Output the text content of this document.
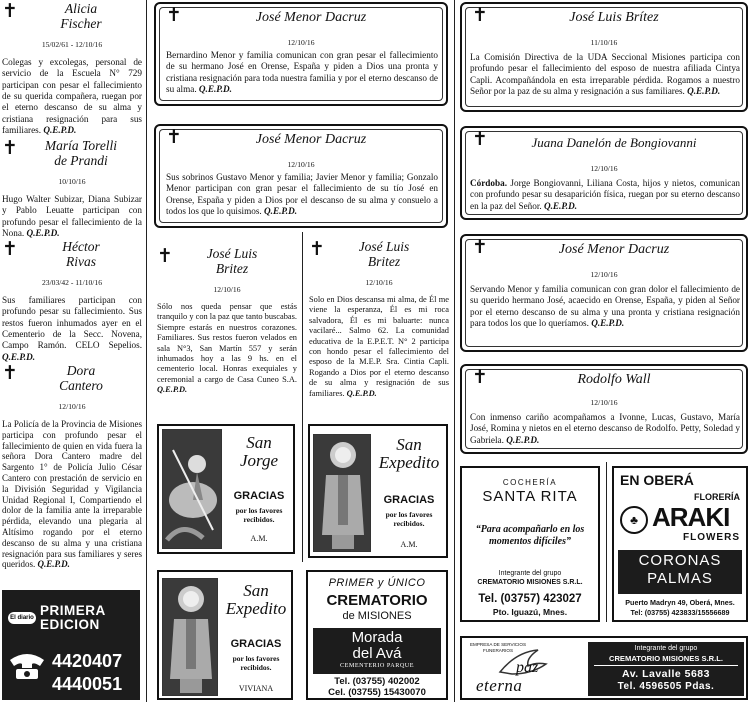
✝	Alicia
Fischer
15/02/61 - 12/10/16
Colegas y excolegas, personal de servicio de la Escuela N° 729 participan con pesar el fallecimiento de su querida compañera, ruegan por el eterno descanso de su alma y cristiana resignación para sus familiares. Q.E.P.D.
✝	María Torelli
de Prandi
10/10/16
Hugo Walter Subizar, Diana Subizar y Pablo Leuatte participan con profundo pesar el fallecimiento de la Nona. Q.E.P.D.
✝	Héctor
Rivas
23/03/42 - 11/10/16
Sus familiares participan con profundo pesar su fallecimiento. Sus restos fueron inhumados ayer en el Cementerio de la Secc. Novena, Campo Ramón. CELO Sepelios. Q.E.P.D.
✝	Dora
Cantero
12/10/16
La Policía de la Provincia de Misiones participa con profundo pesar el fallecimiento de quien en vida fuera la señora Dora Cantero madre del Sargento 1° de Policía Julio César Cantero con prestación de servicio en la División Seguridad y Vigilancia Unidad Regional I, Compartiendo el dolor de la familia ante la irreparable pérdida, elevando una plegaria al Altísimo rogando por el eterno descanso de su alma y una cristiana resignación para sus familiares y seres queridos. Q.E.P.D.
El diario PRIMERA
EDICION
4420407
4440051
✝	José Menor Dacruz
12/10/16
Bernardino Menor y familia comunican con gran pesar el fallecimiento de su hermano José en Orense, España y piden a Dios una pronta y cristiana resignación para toda nuestra familia y por el eterno descanso de su alma. Q.E.P.D.
✝	José Menor Dacruz
12/10/16
Sus sobrinos Gustavo Menor y familia; Javier Menor y familia; Gonzalo Menor participan con gran pesar el fallecimiento de su tío José en Orense, España y piden a Dios por el descanso de su alma y consuelo a todos los que lo quisimos. Q.E.P.D.
✝	José Luis
Britez
12/10/16
Sólo nos queda pensar que estás tranquilo y con la paz que tanto buscabas. Siempre estarás en nuestros corazones. Familiares. Sus restos fueron velados en sala N°3, San Martín 557 y serán inhumados hoy a las 9 hs. en el cementerio local. Honras exequiales y ceremonial a cargo de Casa Cuneo S.A. Q.E.P.D.
✝	José Luis
Britez
12/10/16
Solo en Dios descansa mi alma, de Él me viene la esperanza, Él es mi roca salvadora, Él es mi baluarte: nunca vacilaré... Salmo 62. La comunidad educativa de la E.P.E.T. N° 2 participa con hondo pesar el fallecimiento del esposo de la M.E.P. Sra. Cintia Capli. Rogando a Dios por el eterno descanso de su alma y resignación de sus familiares. Q.E.P.D.
San
Jorge
GRACIAS
por los favores recibidos.
A.M.
San
Expedito
GRACIAS
por los favores recibidos.
A.M.
San
Expedito
GRACIAS
por los favores recibidos.
VIVIANA
PRIMER y ÚNICO
CREMATORIO
de MISIONES
Morada
del Avá
CEMENTERIO PARQUE
Tel. (03755) 402002
Cel. (03755) 15430070
✝	José Luis Brítez
11/10/16
La Comisión Directiva de la UDA Seccional Misiones participa con profundo pesar el fallecimiento del esposo de nuestra afiliada Cintya Capli. Acompañándola en esta irreparable pérdida. Rogamos a nuestro Señor por la paz de su alma y resignación a sus familiares. Q.E.P.D.
✝	Juana Danelón de Bongiovanni
12/10/16
Córdoba. Jorge Bongiovanni, Liliana Costa, hijos y nietos, comunican con profundo pesar su desaparición física, ruegan por su eterno descanso en la paz del Señor. Q.E.P.D.
✝	José Menor Dacruz
12/10/16
Servando Menor y familia comunican con gran dolor el fallecimiento de su querido hermano José, acaecido en Orense, España, y piden al Señor por el eterno descanso de su alma y una pronta y cristiana resignación para todos los que lo queríamos. Q.E.P.D.
✝	Rodolfo Wall
12/10/16
Con inmenso cariño acompañamos a Ivonne, Lucas, Gustavo, María José, Romina y nietos en el eterno descanso de Rodolfo. Petty, Soledad y Gabriela. Q.E.P.D.
COCHERÍA
SANTA RITA
“Para acompañarlo en los momentos difíciles”
Integrante del grupo
CREMATORIO MISIONES S.R.L.
Tel. (03757) 423027
Pto. Iguazú, Mnes.
EN OBERÁ
FLORERÍA
♣ ARAKI
FLOWERS
CORONAS
PALMAS
Puerto Madryn 49, Oberá, Mnes.
Tel: (03755) 423833/15556689
EMPRESA DE SERVICIOS FUNERARIOS
paz
eterna
Integrante del grupo
CREMATORIO MISIONES S.R.L.
Av. Lavalle 5683
Tel. 4596505 Pdas.
